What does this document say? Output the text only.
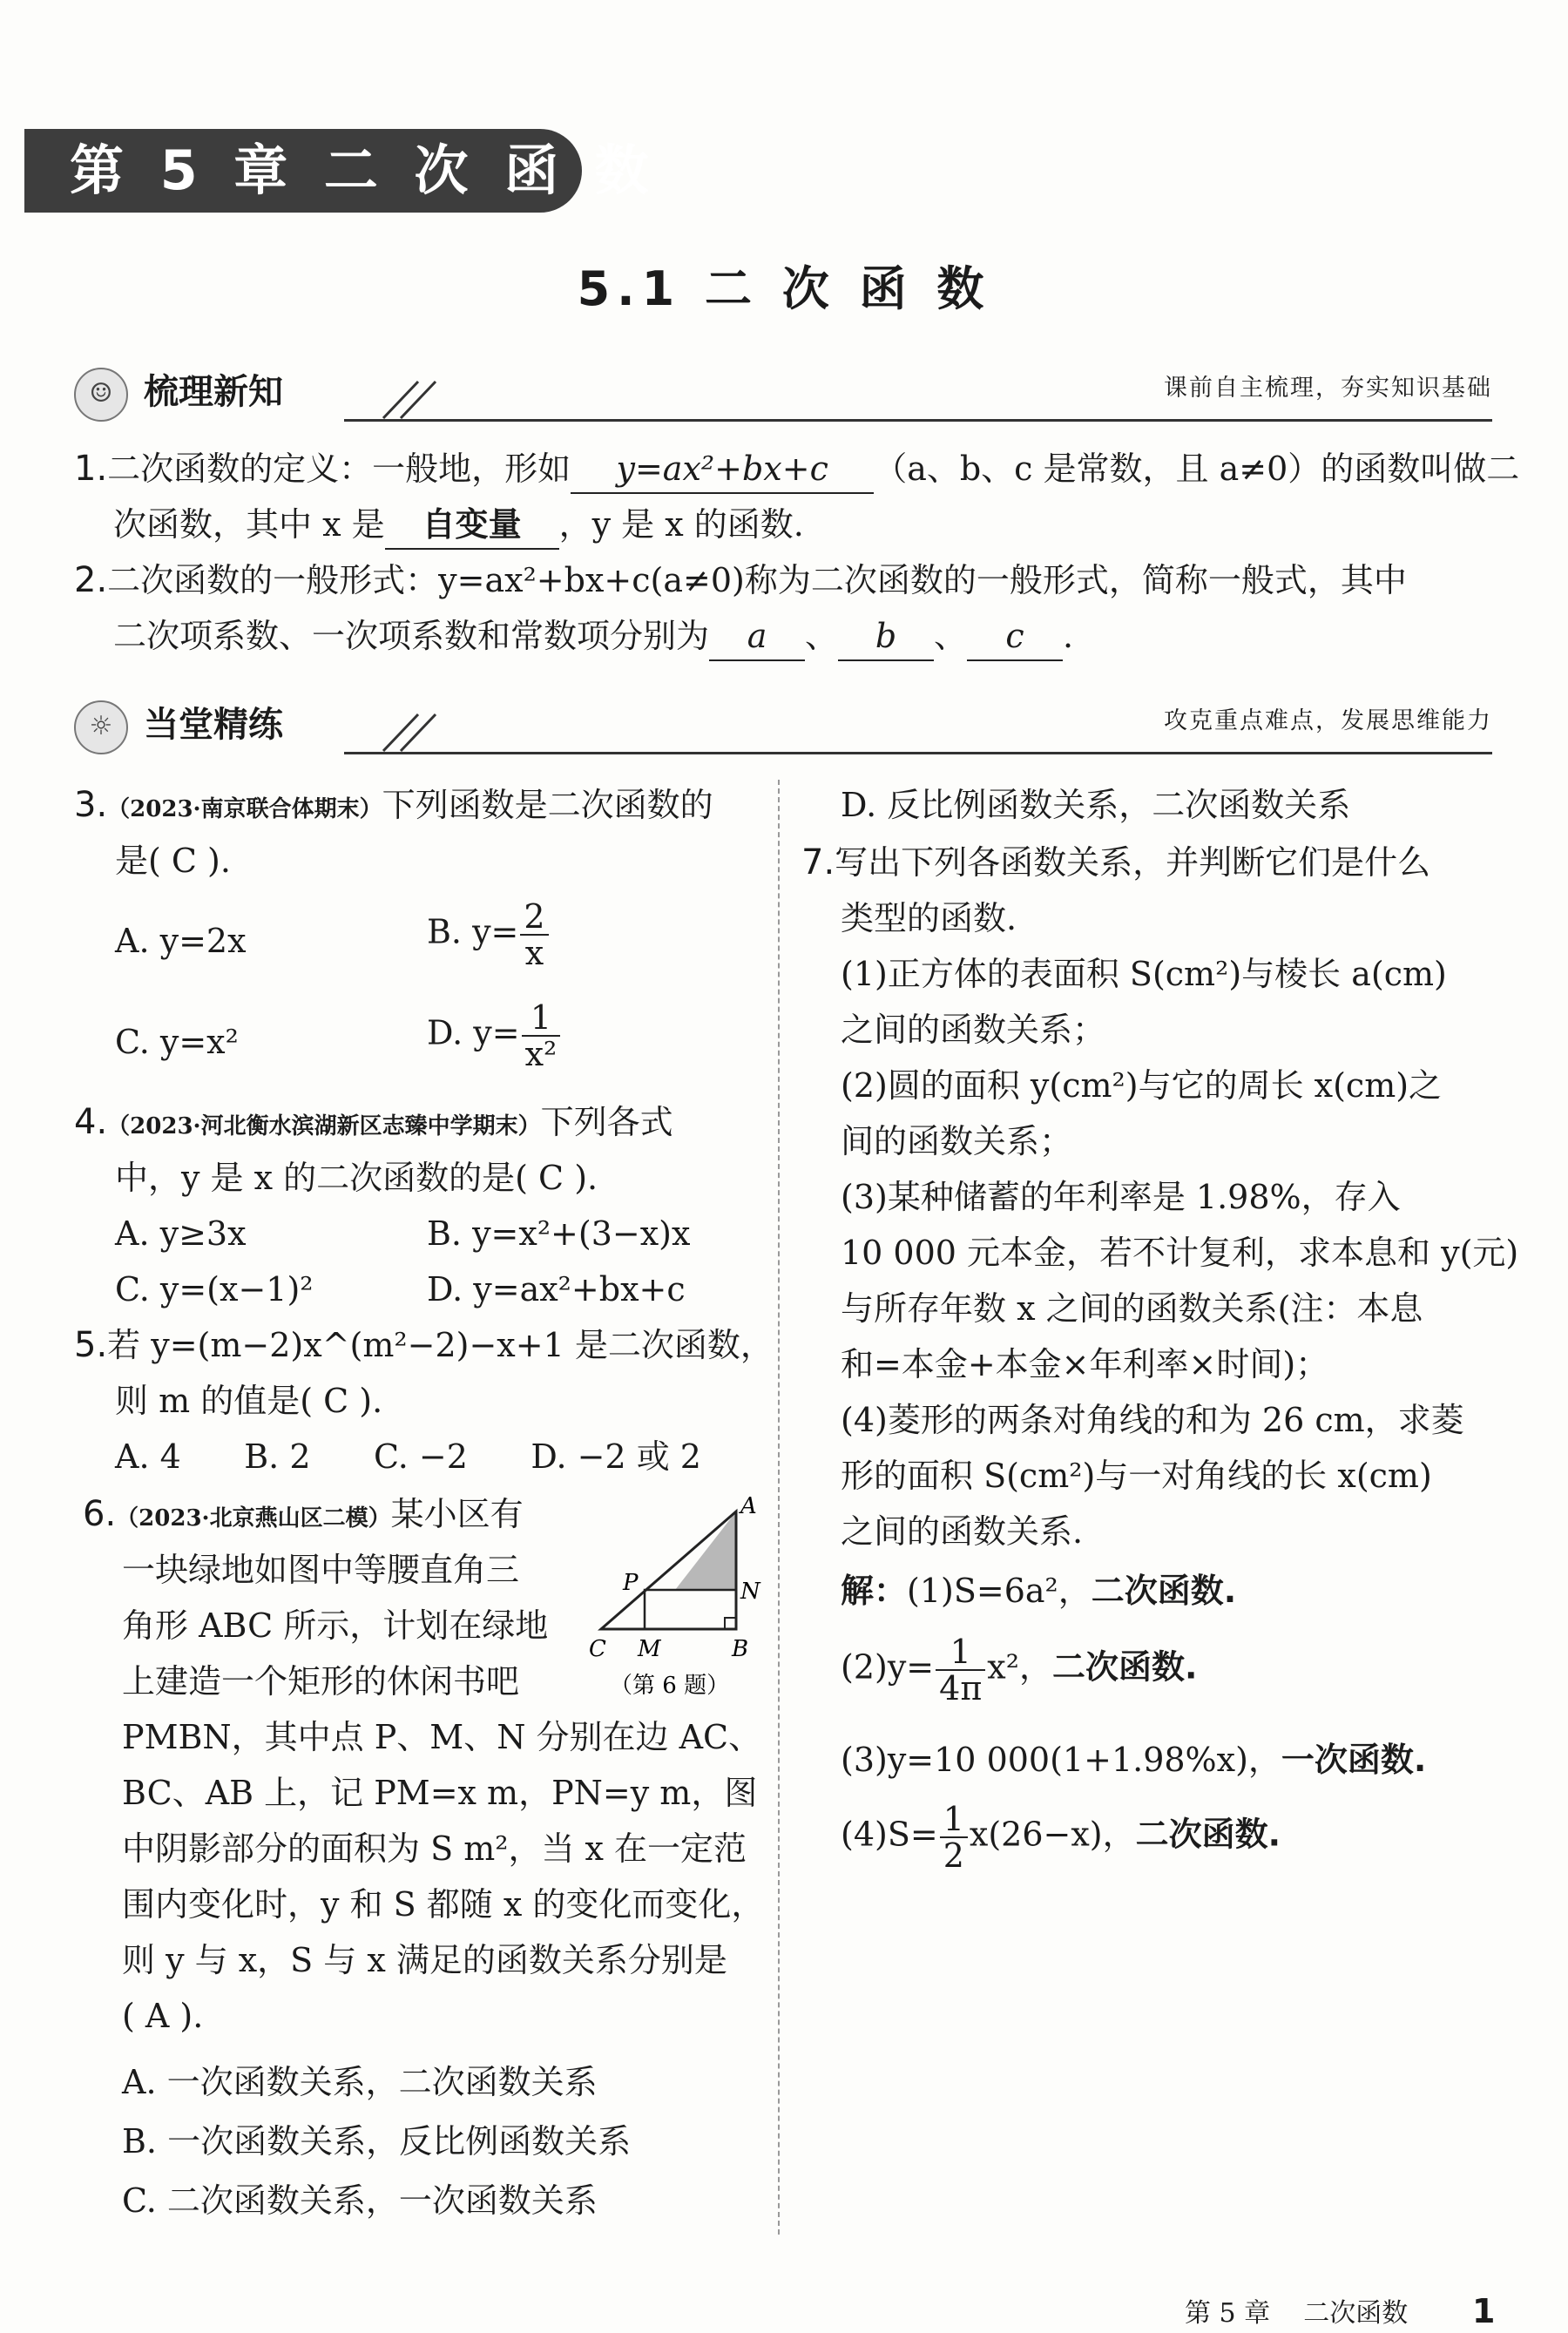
第 5 章 二 次 函 数
5.1 二 次 函 数
☺ 梳理新知	课前自主梳理，夯实知识基础
1.二次函数的定义：一般地，形如 y=ax²+bx+c （a、b、c 是常数，且 a≠0）的函数叫做二
次函数，其中 x 是 自变量 ，y 是 x 的函数.
2.二次函数的一般形式：y=ax²+bx+c(a≠0)称为二次函数的一般形式，简称一般式，其中
二次项系数、一次项系数和常数项分别为 a 、 b 、 c .
☼ 当堂精练	攻克重点难点，发展思维能力
3.（2023·南京联合体期末）下列函数是二次函数的
是( C ).
A. y=2x	B. $y= \frac{2}{x}$
C. y=x²	D. $y= \frac{1}{\text{x²}}$
4.（2023·河北衡水滨湖新区志臻中学期末）下列各式
中，y 是 x 的二次函数的是( C ).
A. y≥3x	B. y=x²+(3−x)x
C. y=(x−1)²	D. y=ax²+bx+c
5.若 y=(m−2)x^(m²−2)−x+1 是二次函数，
则 m 的值是( C ).
A. 4      B. 2      C. −2      D. −2 或 2
6.（2023·北京燕山区二模）某小区有
一块绿地如图中等腰直角三
角形 ABC 所示，计划在绿地
上建造一个矩形的休闲书吧
PMBN，其中点 P、M、N 分别在边 AC、
BC、AB 上，记 PM=x m，PN=y m，图
中阴影部分的面积为 S m²，当 x 在一定范
围内变化时，y 和 S 都随 x 的变化而变化，
则 y 与 x，S 与 x 满足的函数关系分别是
( A ).
A. 一次函数关系，二次函数关系
B. 一次函数关系，反比例函数关系
C. 二次函数关系，一次函数关系
A
P	N
C M	B
（第 6 题）
D. 反比例函数关系，二次函数关系
7.写出下列各函数关系，并判断它们是什么
类型的函数.
(1)正方体的表面积 S(cm²)与棱长 a(cm)
之间的函数关系；
(2)圆的面积 y(cm²)与它的周长 x(cm)之
间的函数关系；
(3)某种储蓄的年利率是 1.98%，存入
10 000 元本金，若不计复利，求本息和 y(元)
与所存年数 x 之间的函数关系(注：本息
和=本金+本金×年利率×时间)；
(4)菱形的两条对角线的和为 26 cm，求菱
形的面积 S(cm²)与一对角线的长 x(cm)
之间的函数关系.
解：(1)S=6a²，二次函数.
$(2)y= \frac{1}{4\pi} x^2$，二次函数.
(3)y=10 000(1+1.98%x)，一次函数.
$(4)S= \frac{1}{2} x(26-x)$，二次函数.
第 5 章    二次函数 1
